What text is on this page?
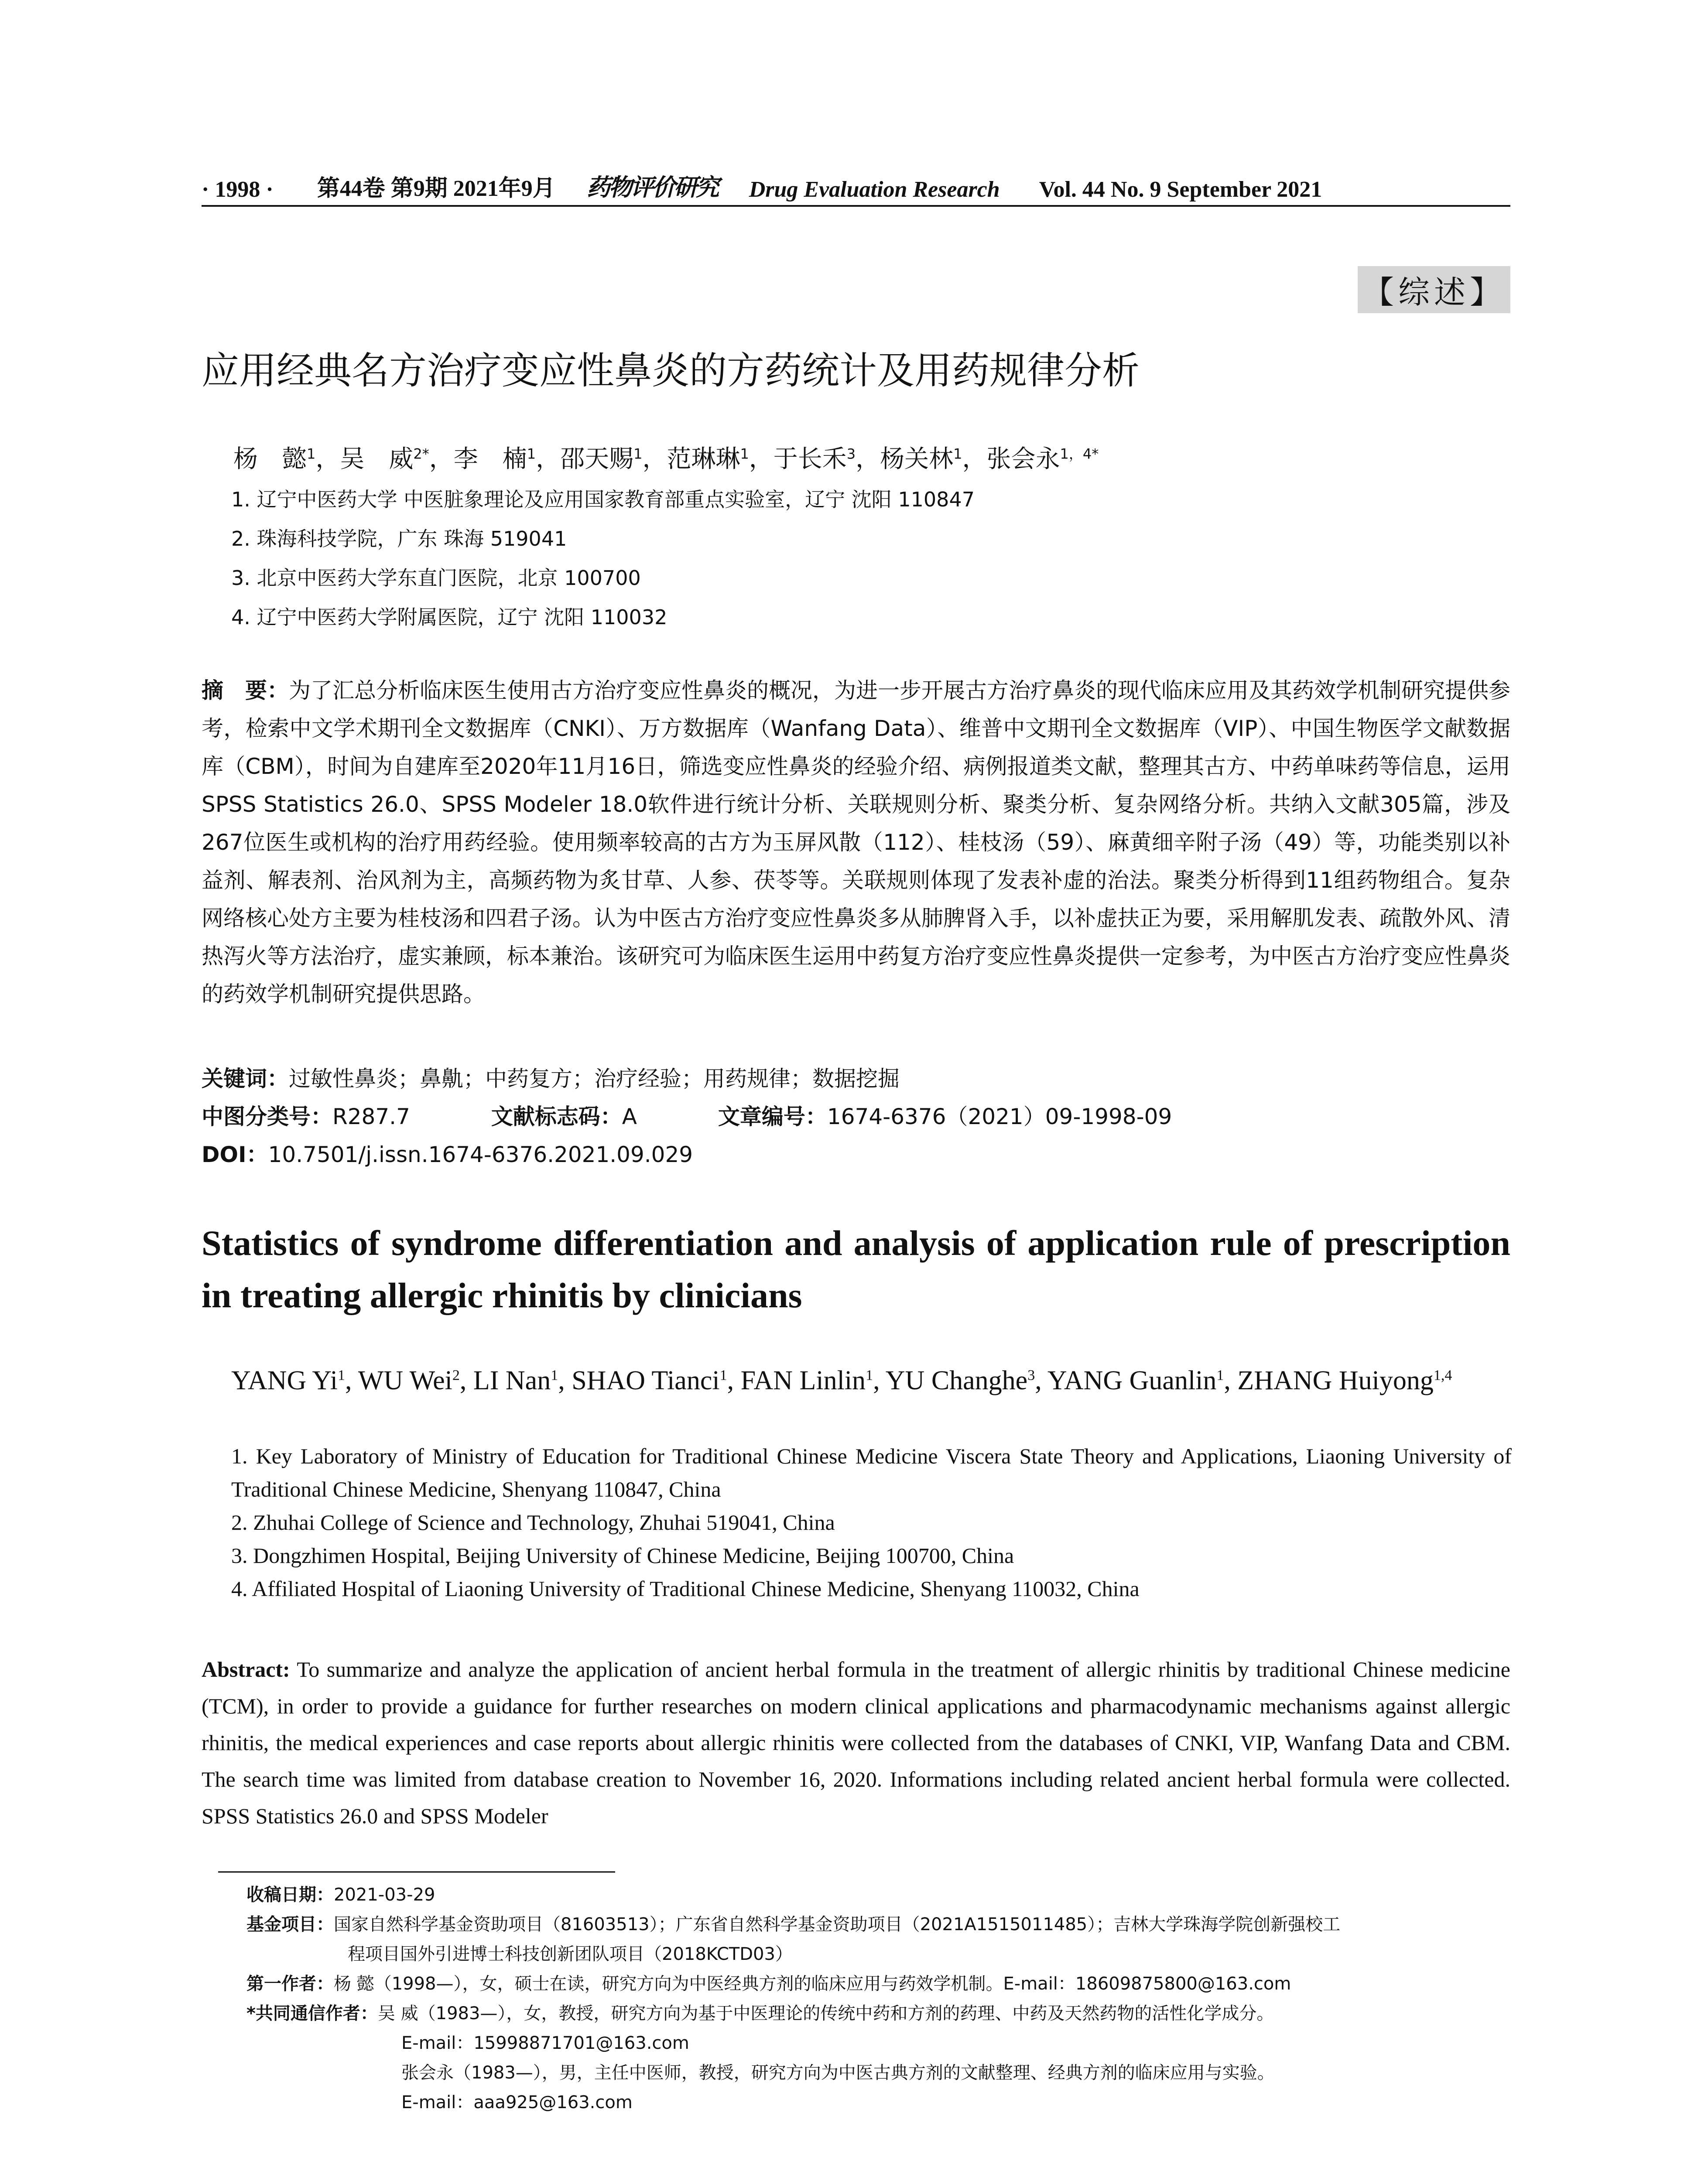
· 1998 · 第44卷 第9期 2021年9月 药物评价研究 Drug Evaluation Research Vol. 44 No. 9 September 2021
【综述】
应用经典名方治疗变应性鼻炎的方药统计及用药规律分析
杨　懿$^1$，吴　威$^{2*}$，李　楠$^1$，邵天赐$^1$，范琳琳$^1$，于长禾$^3$，杨关林$^1$，张会永$^{1,4*}$
1. 辽宁中医药大学 中医脏象理论及应用国家教育部重点实验室，辽宁 沈阳 110847
2. 珠海科技学院，广东 珠海 519041
3. 北京中医药大学东直门医院，北京 100700
4. 辽宁中医药大学附属医院，辽宁 沈阳 110032
摘　要：为了汇总分析临床医生使用古方治疗变应性鼻炎的概况，为进一步开展古方治疗鼻炎的现代临床应用及其药效学机制研究提供参考，检索中文学术期刊全文数据库（CNKI）、万方数据库（Wanfang Data）、维普中文期刊全文数据库（VIP）、中国生物医学文献数据库（CBM），时间为自建库至2020年11月16日，筛选变应性鼻炎的经验介绍、病例报道类文献，整理其古方、中药单味药等信息，运用SPSS Statistics 26.0、SPSS Modeler 18.0软件进行统计分析、关联规则分析、聚类分析、复杂网络分析。共纳入文献305篇，涉及267位医生或机构的治疗用药经验。使用频率较高的古方为玉屏风散（112）、桂枝汤（59）、麻黄细辛附子汤（49）等，功能类别以补益剂、解表剂、治风剂为主，高频药物为炙甘草、人参、茯苓等。关联规则体现了发表补虚的治法。聚类分析得到11组药物组合。复杂网络核心处方主要为桂枝汤和四君子汤。认为中医古方治疗变应性鼻炎多从肺脾肾入手，以补虚扶正为要，采用解肌发表、疏散外风、清热泻火等方法治疗，虚实兼顾，标本兼治。该研究可为临床医生运用中药复方治疗变应性鼻炎提供一定参考，为中医古方治疗变应性鼻炎的药效学机制研究提供思路。
关键词：过敏性鼻炎；鼻鼽；中药复方；治疗经验；用药规律；数据挖掘
中图分类号：R287.7	文献标志码：A	文章编号：1674-6376（2021）09-1998-09
DOI：10.7501/j.issn.1674-6376.2021.09.029
Statistics of syndrome differentiation and analysis of application rule of prescription in treating allergic rhinitis by clinicians
YANG Yi$^1$, WU Wei$^2$, LI Nan$^1$, SHAO Tianci$^1$, FAN Linlin$^1$, YU Changhe$^3$, YANG Guanlin$^1$, ZHANG Huiyong$^{1,4}$
1. Key Laboratory of Ministry of Education for Traditional Chinese Medicine Viscera State Theory and Applications, Liaoning University of Traditional Chinese Medicine, Shenyang 110847, China
2. Zhuhai College of Science and Technology, Zhuhai 519041, China
3. Dongzhimen Hospital, Beijing University of Chinese Medicine, Beijing 100700, China
4. Affiliated Hospital of Liaoning University of Traditional Chinese Medicine, Shenyang 110032, China
Abstract: To summarize and analyze the application of ancient herbal formula in the treatment of allergic rhinitis by traditional Chinese medicine (TCM), in order to provide a guidance for further researches on modern clinical applications and pharmacodynamic mechanisms against allergic rhinitis, the medical experiences and case reports about allergic rhinitis were collected from the databases of CNKI, VIP, Wanfang Data and CBM. The search time was limited from database creation to November 16, 2020. Informations including related ancient herbal formula were collected. SPSS Statistics 26.0 and SPSS Modeler
收稿日期：2021-03-29
基金项目：国家自然科学基金资助项目（81603513）；广东省自然科学基金资助项目（2021A1515011485）；吉林大学珠海学院创新强校工
程项目国外引进博士科技创新团队项目（2018KCTD03）
第一作者：杨 懿（1998—），女，硕士在读，研究方向为中医经典方剂的临床应用与药效学机制。E-mail：18609875800@163.com
*共同通信作者：吴 威（1983—），女，教授，研究方向为基于中医理论的传统中药和方剂的药理、中药及天然药物的活性化学成分。
E-mail：15998871701@163.com
张会永（1983—），男，主任中医师，教授，研究方向为中医古典方剂的文献整理、经典方剂的临床应用与实验。
E-mail：aaa925@163.com
